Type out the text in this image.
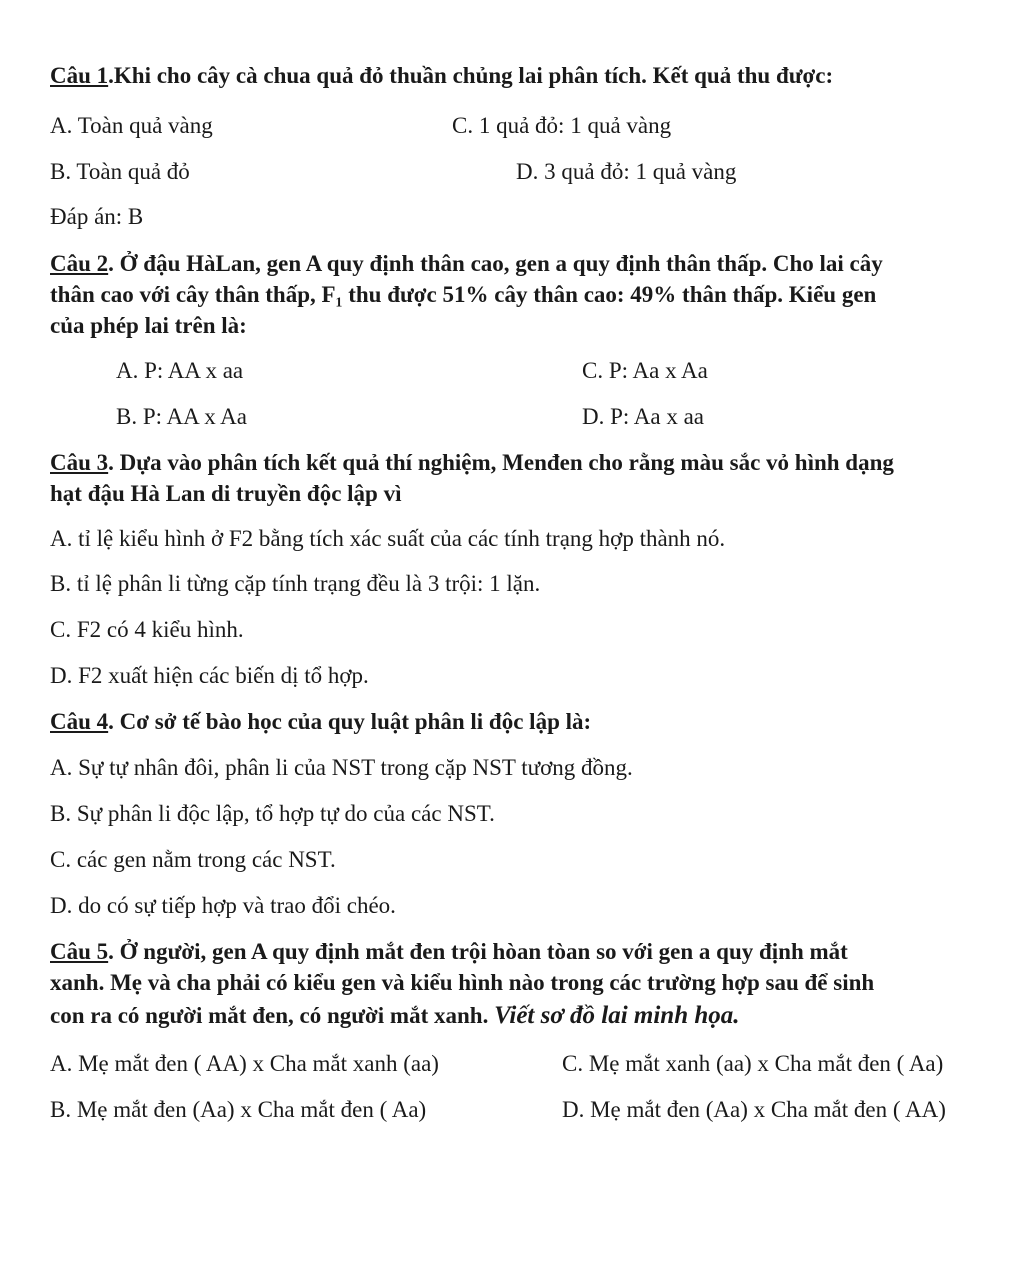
Câu 1.Khi cho cây cà chua quả đỏ thuần chủng lai phân tích. Kết quả thu được:
A. Toàn quả vàng	C. 1 quả đỏ: 1 quả vàng
B. Toàn quả đỏ	D. 3 quả đỏ: 1 quả vàng
Đáp án: B
Câu 2. Ở đậu HàLan, gen A quy định thân cao, gen a quy định thân thấp. Cho lai cây
thân cao với cây thân thấp, F₁ thu được 51% cây thân cao: 49% thân thấp. Kiểu gen
của phép lai trên là:
A. P: AA x aa	C. P: Aa x Aa
B. P: AA x Aa	D. P: Aa x aa
Câu 3. Dựa vào phân tích kết quả thí nghiệm, Menđen cho rằng màu sắc vỏ hình dạng
hạt đậu Hà Lan di truyền độc lập vì
A. tỉ lệ kiểu hình ở F2 bằng tích xác suất của các tính trạng hợp thành nó.
B. tỉ lệ phân li từng cặp tính trạng đều là 3 trội: 1 lặn.
C. F2 có 4 kiểu hình.
D. F2 xuất hiện các biến dị tổ hợp.
Câu 4. Cơ sở tế bào học của quy luật phân li độc lập là:
A. Sự tự nhân đôi, phân li của NST trong cặp NST tương đồng.
B. Sự phân li độc lập, tổ hợp tự do của các NST.
C. các gen nằm trong các NST.
D. do có sự tiếp hợp và trao đổi chéo.
Câu 5. Ở người, gen A quy định mắt đen trội hòan tòan so với gen a quy định mắt
xanh. Mẹ và cha phải có kiểu gen và kiểu hình nào trong các trường hợp sau để sinh
con ra có người mắt đen, có người mắt xanh. Viết sơ đồ lai minh họa.
A. Mẹ mắt đen ( AA) x Cha mắt xanh (aa)	C. Mẹ mắt xanh (aa) x Cha mắt đen ( Aa)
B. Mẹ mắt đen (Aa) x Cha mắt đen ( Aa)	D. Mẹ mắt đen (Aa) x Cha mắt đen ( AA)
